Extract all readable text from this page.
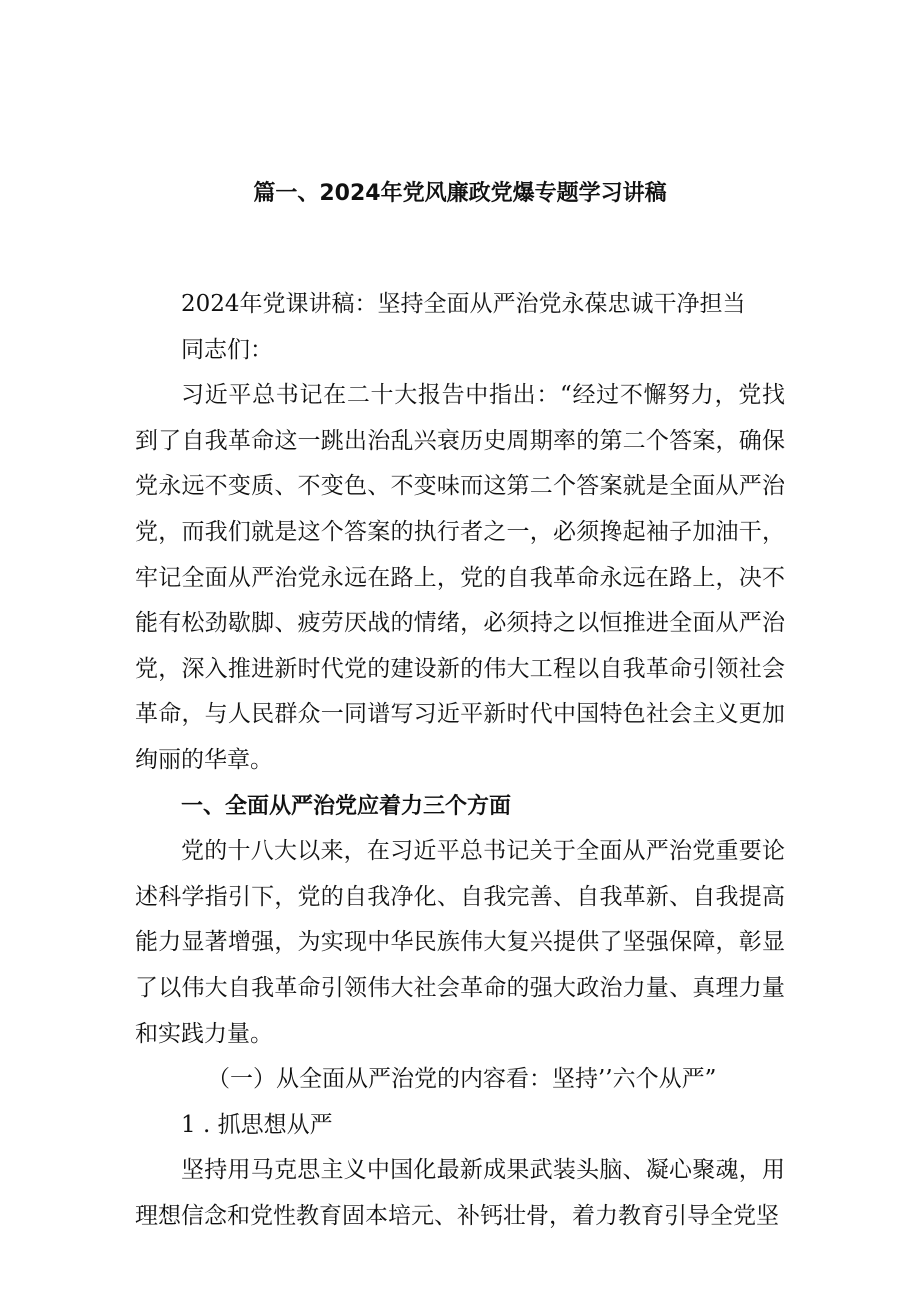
篇一、2024年党风廉政党爆专题学习讲稿

2024年党课讲稿：坚持全面从严治党永葆忠诚干净担当

同志们：

习近平总书记在二十大报告中指出：“经过不懈努力，党找到了自我革命这一跳出治乱兴衰历史周期率的第二个答案，确保党永远不变质、不变色、不变味而这第二个答案就是全面从严治党，而我们就是这个答案的执行者之一，必须搀起袖子加油干，牢记全面从严治党永远在路上，党的自我革命永远在路上，决不能有松劲歇脚、疲劳厌战的情绪，必须持之以恒推进全面从严治党，深入推进新时代党的建设新的伟大工程以自我革命引领社会革命，与人民群众一同谱写习近平新时代中国特色社会主义更加绚丽的华章。

一、全面从严治党应着力三个方面

党的十八大以来，在习近平总书记关于全面从严治党重要论述科学指引下，党的自我净化、自我完善、自我革新、自我提高能力显著增强，为实现中华民族伟大复兴提供了坚强保障，彰显了以伟大自我革命引领伟大社会革命的强大政治力量、真理力量和实践力量。

（一）从全面从严治党的内容看：坚持’’六个从严”

1 . 抓思想从严

坚持用马克思主义中国化最新成果武装头脑、凝心聚魂，用理想信念和党性教育固本培元、补钙壮骨，着力教育引导全党坚
